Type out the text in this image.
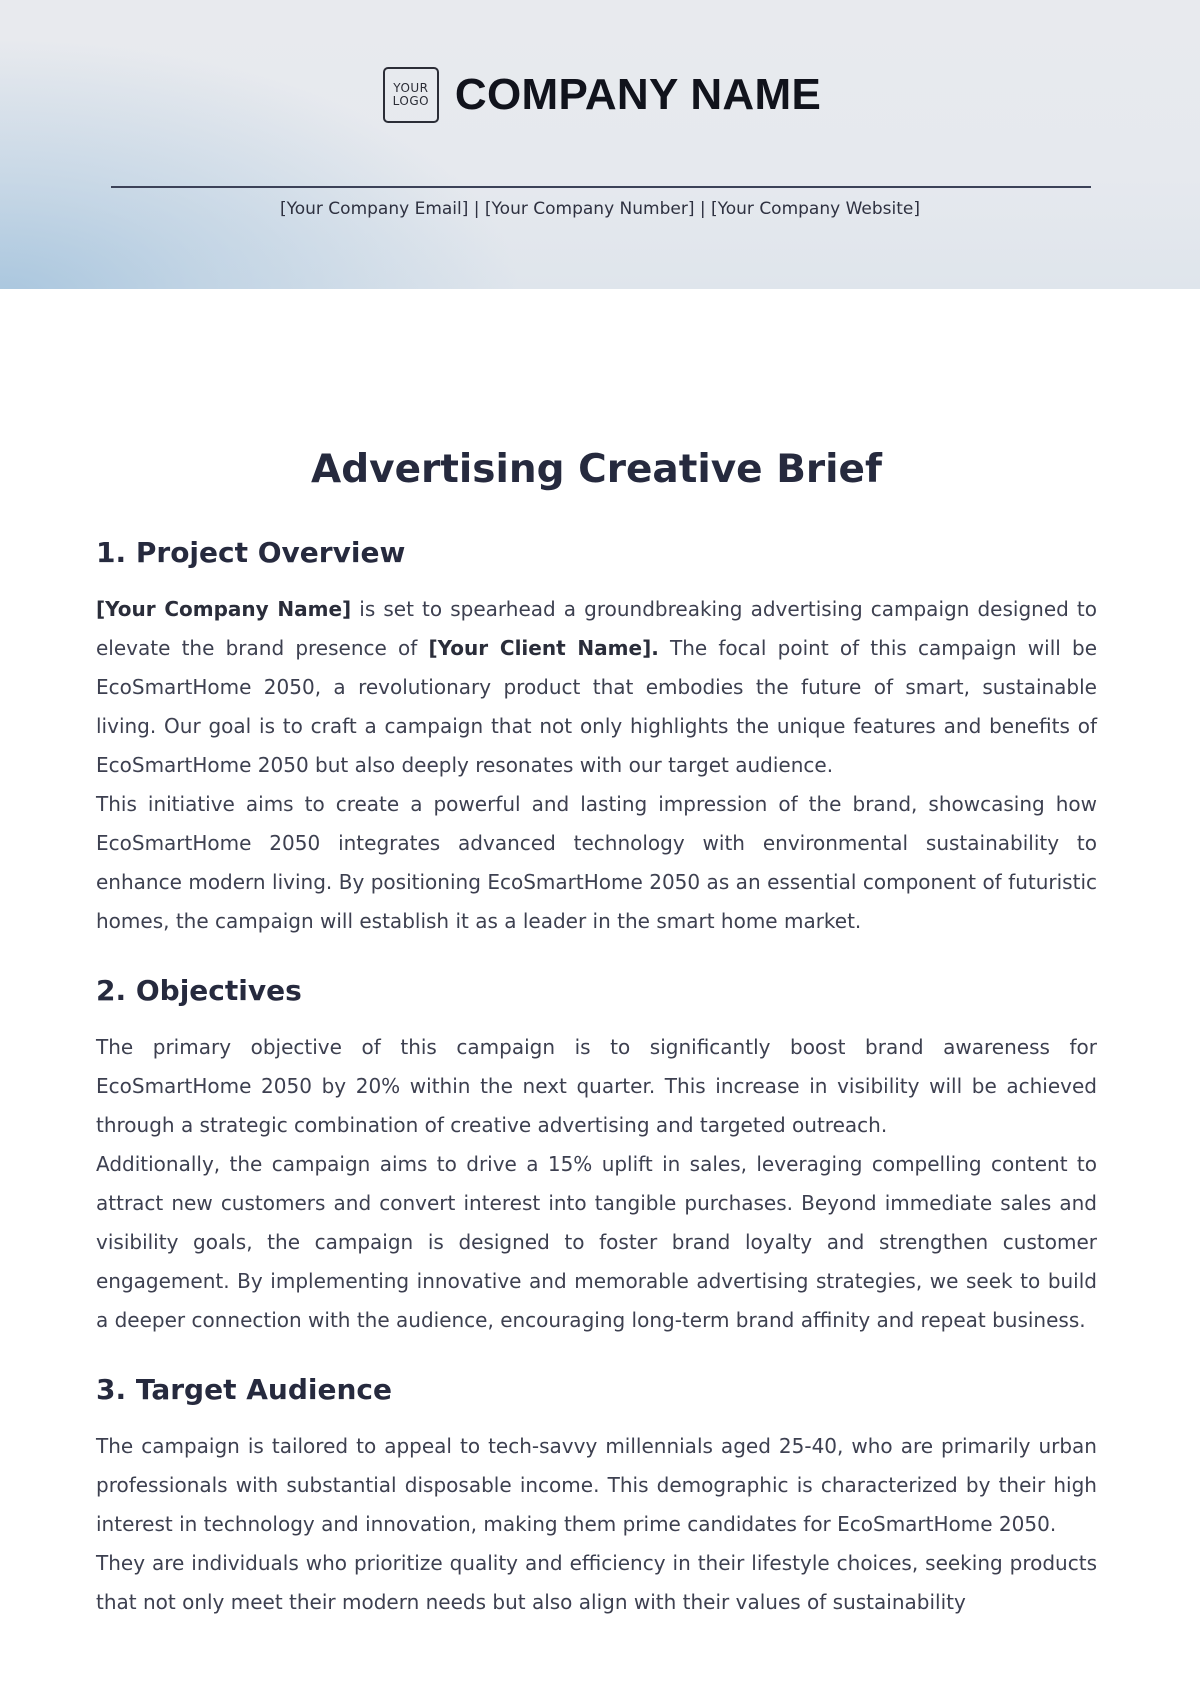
YOUR
LOGO COMPANY NAME
[Your Company Email] | [Your Company Number] | [Your Company Website]
Advertising Creative Brief
1. Project Overview

[Your Company Name] is set to spearhead a groundbreaking advertising campaign designed to elevate the brand presence of [Your Client Name]. The focal point of this campaign will be EcoSmartHome 2050, a revolutionary product that embodies the future of smart, sustainable living. Our goal is to craft a campaign that not only highlights the unique features and benefits of EcoSmartHome 2050 but also deeply resonates with our target audience.

This initiative aims to create a powerful and lasting impression of the brand, showcasing how EcoSmartHome 2050 integrates advanced technology with environmental sustainability to enhance modern living. By positioning EcoSmartHome 2050 as an essential component of futuristic homes, the campaign will establish it as a leader in the smart home market.

2. Objectives

The primary objective of this campaign is to significantly boost brand awareness for EcoSmartHome 2050 by 20% within the next quarter. This increase in visibility will be achieved through a strategic combination of creative advertising and targeted outreach.

Additionally, the campaign aims to drive a 15% uplift in sales, leveraging compelling content to attract new customers and convert interest into tangible purchases. Beyond immediate sales and visibility goals, the campaign is designed to foster brand loyalty and strengthen customer engagement. By implementing innovative and memorable advertising strategies, we seek to build a deeper connection with the audience, encouraging long-term brand affinity and repeat business.

3. Target Audience

The campaign is tailored to appeal to tech-savvy millennials aged 25-40, who are primarily urban professionals with substantial disposable income. This demographic is characterized by their high interest in technology and innovation, making them prime candidates for EcoSmartHome 2050.

They are individuals who prioritize quality and efficiency in their lifestyle choices, seeking products that not only meet their modern needs but also align with their values of sustainability
